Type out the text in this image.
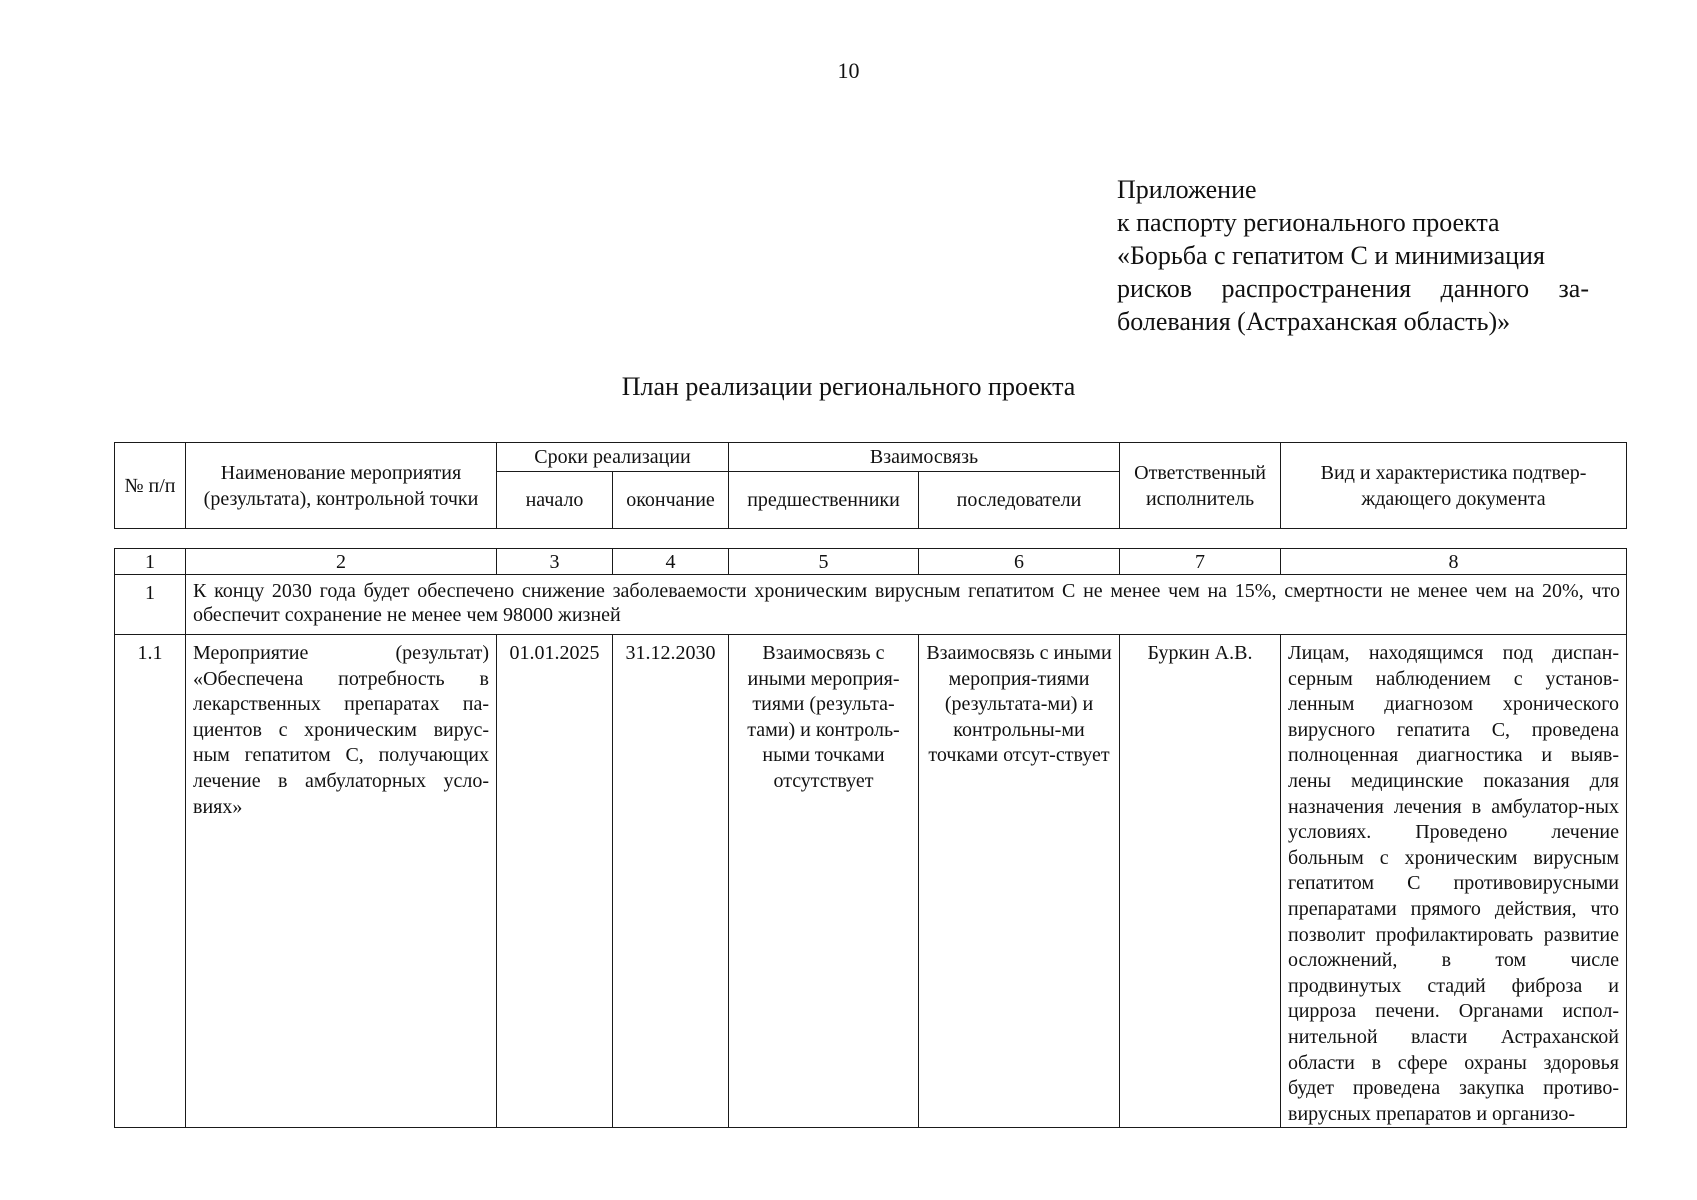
10
Приложение
к паспорту регионального проекта
«Борьба с гепатитом С и минимизация
рисков распространения данного за-
болевания (Астраханская область)»
План реализации регионального проекта
№ п/п	Наименование мероприятия (результата), контрольной точки	Сроки реализации		Взаимосвязь		Ответственный исполнитель	Вид и характеристика подтвер-ждающего документа
		начало	окончание	предшественники	последователи		
1	2	3	4	5	6	7	8
1	К концу 2030 года будет обеспечено снижение заболеваемости хроническим вирусным гепатитом С не менее чем на 15%, смертности не менее чем на 20%, что обеспечит сохранение не менее чем 98000 жизней						
1.1	Мероприятие (результат) «Обеспечена потребность в лекарственных препаратах па-циентов с хроническим вирус-ным гепатитом С, получающих лечение в амбулаторных усло-виях»	01.01.2025	31.12.2030	Взаимосвязь с иными мероприя-тиями (результа-тами) и контроль-ными точками отсутствует	Взаимосвязь с иными мероприя-тиями (результата-ми) и контрольны-ми точками отсут-ствует	Буркин А.В.	Лицам, находящимся под диспан-серным наблюдением с установ-ленным диагнозом хронического вирусного гепатита С, проведена полноценная диагностика и выяв-лены медицинские показания для назначения лечения в амбулатор-ных условиях. Проведено лечение больным с хроническим вирусным гепатитом С противовирусными препаратами прямого действия, что позволит профилактировать развитие осложнений, в том числе продвинутых стадий фиброза и цирроза печени. Органами испол-нительной власти Астраханской области в сфере охраны здоровья будет проведена закупка противо-вирусных препаратов и организо-
